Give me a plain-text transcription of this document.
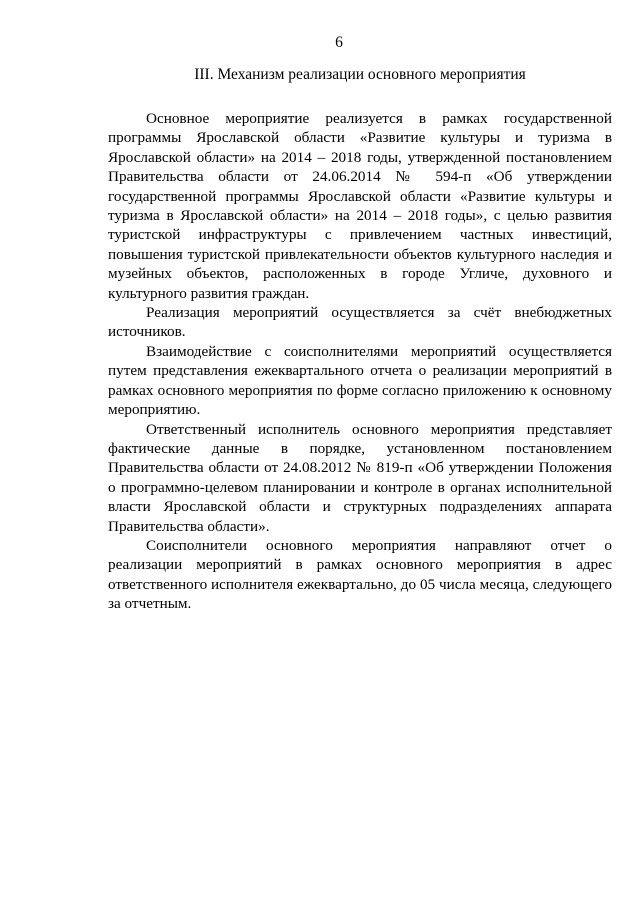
6
III. Механизм реализации основного мероприятия

Основное мероприятие реализуется в рамках государственной программы Ярославской области «Развитие культуры и туризма в Ярославской области» на 2014 – 2018 годы, утвержденной постановлением Правительства области от 24.06.2014 № 594-п «Об утверждении государственной программы Ярославской области «Развитие культуры и туризма в Ярославской области» на 2014 – 2018 годы», с целью развития туристской инфраструктуры с привлечением частных инвестиций, повышения туристской привлекательности объектов культурного наследия и музейных объектов, расположенных в городе Угличе, духовного и культурного развития граждан.

Реализация мероприятий осуществляется за счёт внебюджетных источников.

Взаимодействие с соисполнителями мероприятий осуществляется путем представления ежеквартального отчета о реализации мероприятий в рамках основного мероприятия по форме согласно приложению к основному мероприятию.

Ответственный исполнитель основного мероприятия представляет фактические данные в порядке, установленном постановлением Правительства области от 24.08.2012 № 819-п «Об утверждении Положения о программно-целевом планировании и контроле в органах исполнительной власти Ярославской области и структурных подразделениях аппарата Правительства области».

Соисполнители основного мероприятия направляют отчет о реализации мероприятий в рамках основного мероприятия в адрес ответственного исполнителя ежеквартально, до 05 числа месяца, следующего за отчетным.
